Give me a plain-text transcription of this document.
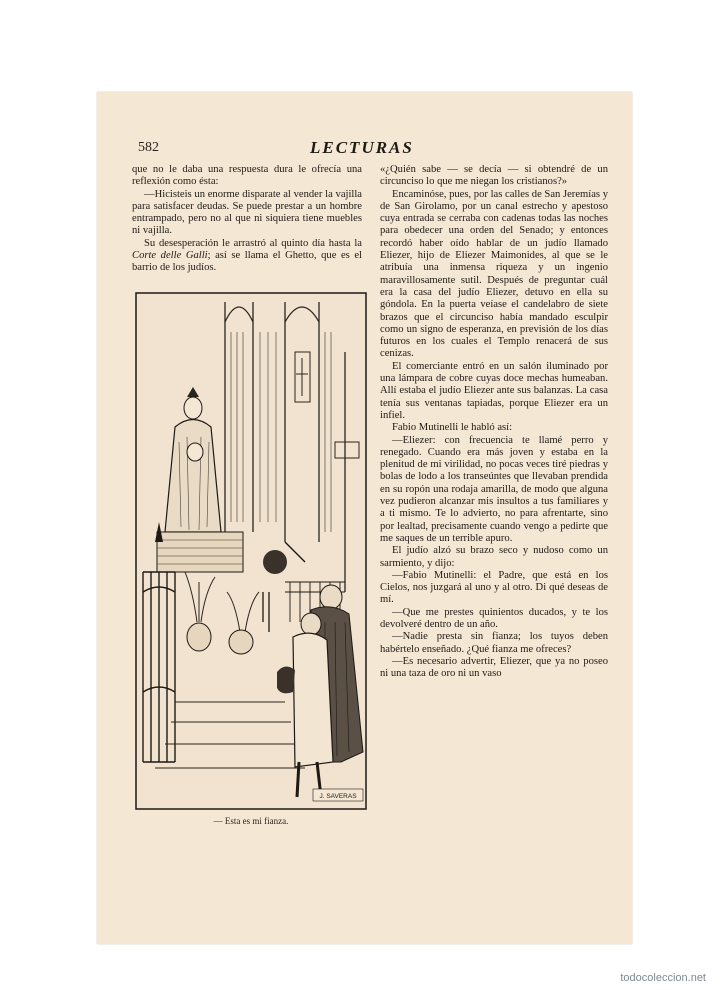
582	LECTURAS

que no le daba una respuesta dura le ofrecía una reflexión como ésta:

—Hicisteis un enorme disparate al vender la vajilla para satisfacer deudas. Se puede prestar a un hombre entrampado, pero no al que ni siquiera tiene muebles ni vajilla.

Su desesperación le arrastró al quinto día hasta la Corte delle Galli; así se llama el Ghetto, que es el barrio de los judíos.

J. SAVERAS
— Esta es mi fianza.

«¿Quién sabe — se decía — si obtendré de un circunciso lo que me niegan los cristianos?»

Encaminóse, pues, por las calles de San Jeremías y de San Girolamo, por un canal estrecho y apestoso cuya entrada se cerraba con cadenas todas las noches para obedecer una orden del Senado; y entonces recordó haber oído hablar de un judío llamado Eliezer, hijo de Eliezer Maimonides, al que se le atribuía una inmensa riqueza y un ingenio maravillosamente sutil. Después de preguntar cuál era la casa del judío Eliezer, detuvo en ella su góndola. En la puerta veíase el candelabro de siete brazos que el circunciso había mandado esculpir como un signo de esperanza, en previsión de los días futuros en los cuales el Templo renacerá de sus cenizas.

El comerciante entró en un salón iluminado por una lámpara de cobre cuyas doce mechas humeaban. Allí estaba el judío Eliezer ante sus balanzas. La casa tenía sus ventanas tapiadas, porque Eliezer era un infiel.

Fabio Mutinelli le habló así:

—Eliezer: con frecuencia te llamé perro y renegado. Cuando era más joven y estaba en la plenitud de mi virilidad, no pocas veces tiré piedras y bolas de lodo a los transeúntes que llevaban prendida en su ropón una rodaja amarilla, de modo que alguna vez pudieron alcanzar mis insultos a tus familiares y a ti mismo. Te lo advierto, no para afrentarte, sino por lealtad, precisamente cuando vengo a pedirte que me saques de un terrible apuro.

El judío alzó su brazo seco y nudoso como un sarmiento, y dijo:

—Fabio Mutinelli: el Padre, que está en los Cielos, nos juzgará al uno y al otro. Di qué deseas de mí.

—Que me prestes quinientos ducados, y te los devolveré dentro de un año.

—Nadie presta sin fianza; los tuyos deben habértelo enseñado. ¿Qué fianza me ofreces?

—Es necesario advertir, Eliezer, que ya no poseo ni una taza de oro ni un vaso

todocoleccion.net
